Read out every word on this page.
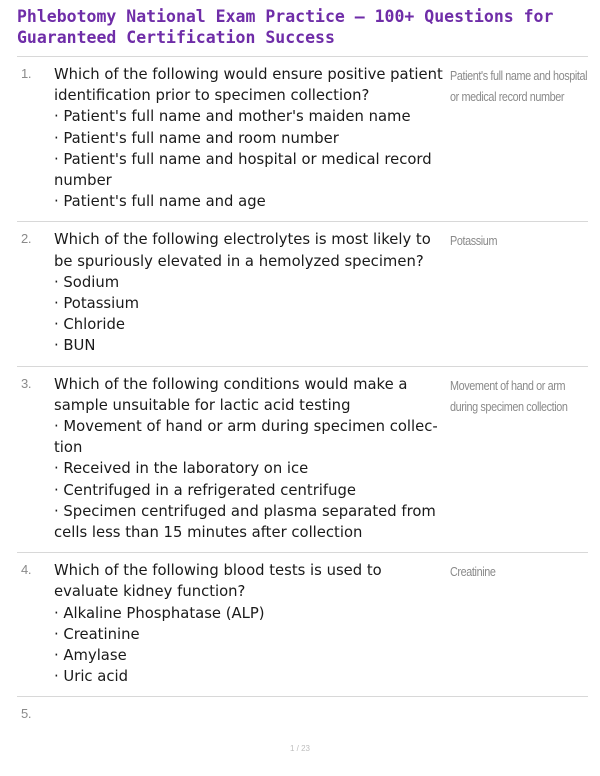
Phlebotomy National Exam Practice — 100+ Questions for Guaranteed Certification Success
1. Which of the following would ensure positive patient identification prior to specimen collection?
· Patient's full name and mother's maiden name
· Patient's full name and room number
· Patient's full name and hospital or medical record number
· Patient's full name and age
Patient's full name and hospital or medical record number
2. Which of the following electrolytes is most likely to be spuriously elevated in a hemolyzed specimen?
· Sodium
· Potassium
· Chloride
· BUN
Potassium
3. Which of the following conditions would make a sample unsuitable for lactic acid testing
· Movement of hand or arm during specimen collection
· Received in the laboratory on ice
· Centrifuged in a refrigerated centrifuge
· Specimen centrifuged and plasma separated from cells less than 15 minutes after collection
Movement of hand or arm during specimen collection
4. Which of the following blood tests is used to evaluate kidney function?
· Alkaline Phosphatase (ALP)
· Creatinine
· Amylase
· Uric acid
Creatinine
5.
1 / 23
